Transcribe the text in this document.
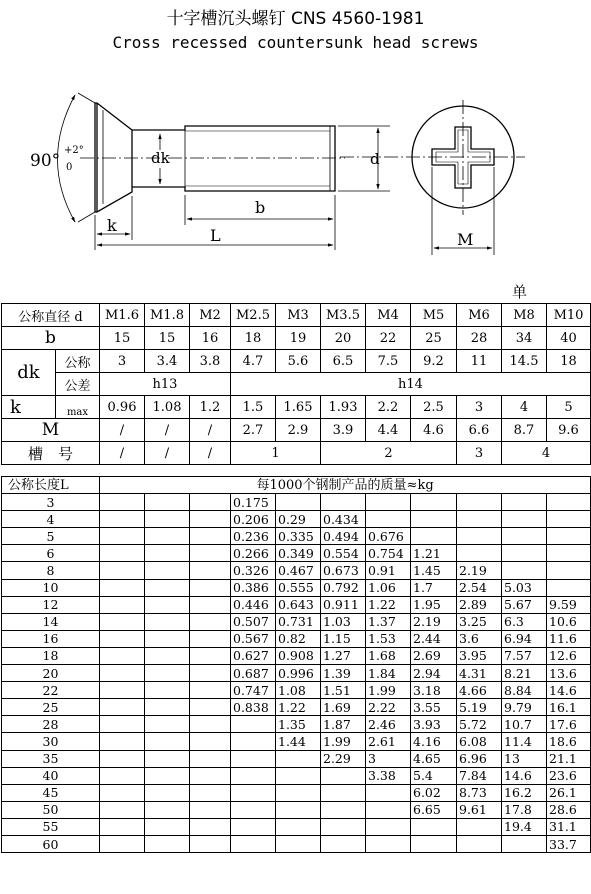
十字槽沉头螺钉 CNS 4560-1981
Cross recessed countersunk head screws
90°
+2°
0
dk	d
b
k
L	M
单
公称直径 d		M1.6	M1.8	M2	M2.5	M3	M3.5	M4	M5	M6	M8	M10
b		15	15	16	18	19	20	22	25	28	34	40
dk	公称	3	3.4	3.8	4.7	5.6	6.5	7.5	9.2	11	14.5	18
	公差	h13			h14							
k	$_{max}$	0.96	1.08	1.2	1.5	1.65	1.93	2.2	2.5	3	4	5
M		/	/	/	2.7	2.9	3.9	4.4	4.6	6.6	8.7	9.6
槽　号		/	/	/	1		2			3	4	
公称长度L	每1000个钢制产品的质量≈kg										
3				0.175							
4				0.206	0.29	0.434					
5				0.236	0.335	0.494	0.676				
6				0.266	0.349	0.554	0.754	1.21			
8				0.326	0.467	0.673	0.91	1.45	2.19		
10				0.386	0.555	0.792	1.06	1.7	2.54	5.03	
12				0.446	0.643	0.911	1.22	1.95	2.89	5.67	9.59
14				0.507	0.731	1.03	1.37	2.19	3.25	6.3	10.6
16				0.567	0.82	1.15	1.53	2.44	3.6	6.94	11.6
18				0.627	0.908	1.27	1.68	2.69	3.95	7.57	12.6
20				0.687	0.996	1.39	1.84	2.94	4.31	8.21	13.6
22				0.747	1.08	1.51	1.99	3.18	4.66	8.84	14.6
25				0.838	1.22	1.69	2.22	3.55	5.19	9.79	16.1
28					1.35	1.87	2.46	3.93	5.72	10.7	17.6
30					1.44	1.99	2.61	4.16	6.08	11.4	18.6
35						2.29	3	4.65	6.96	13	21.1
40							3.38	5.4	7.84	14.6	23.6
45								6.02	8.73	16.2	26.1
50								6.65	9.61	17.8	28.6
55										19.4	31.1
60											33.7
